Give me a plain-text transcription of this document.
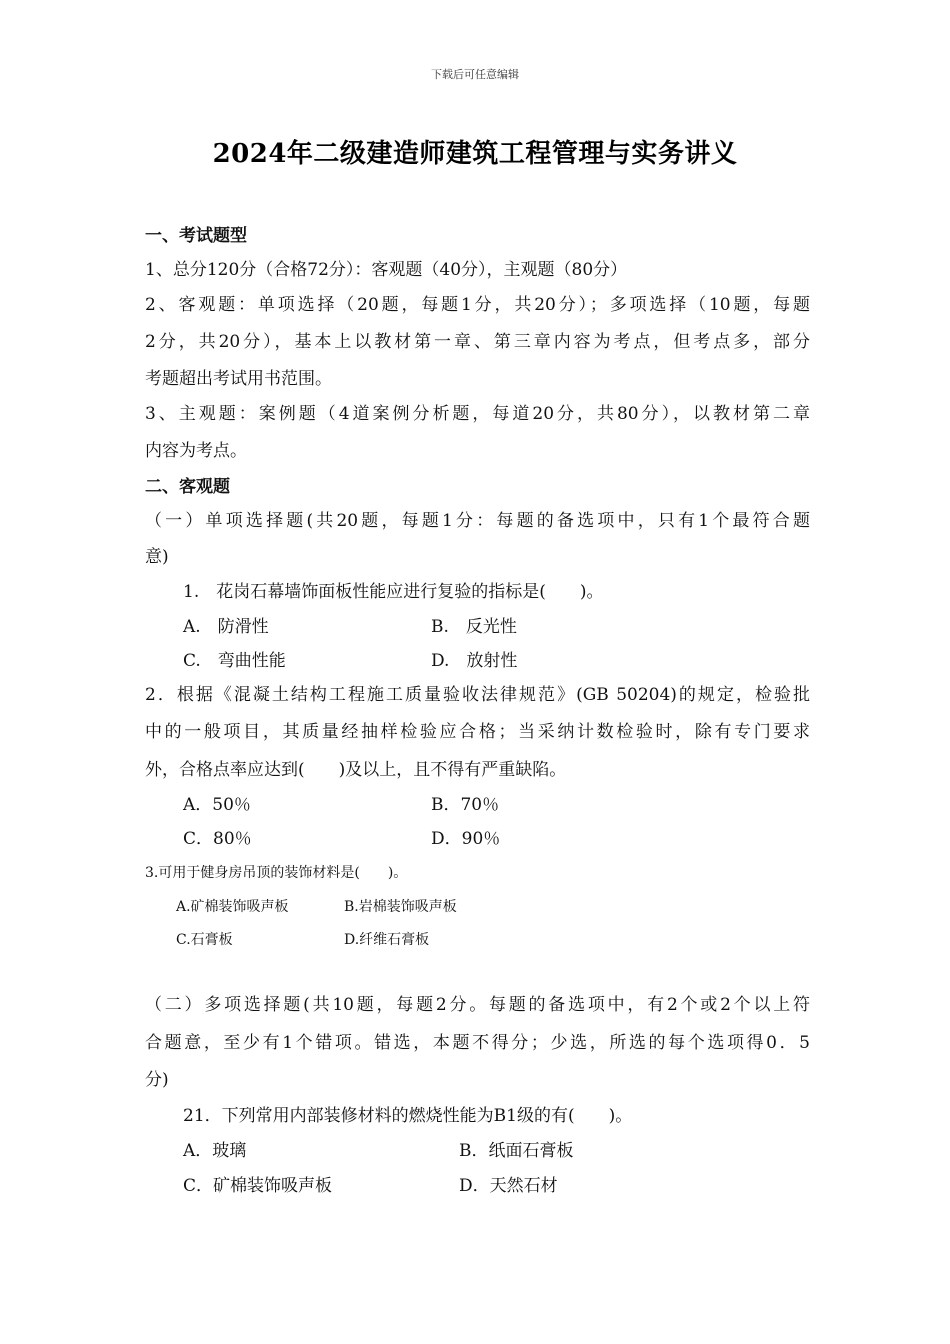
下载后可任意编辑
2024年二级建造师建筑工程管理与实务讲义
一、考试题型
1、总分120分（合格72分）：客观题（40分），主观题（80分）
2、客观题：单项选择（20题，每题1分，共20分）；多项选择（10题，每题
2分，共20分），基本上以教材第一章、第三章内容为考点，但考点多，部分
考题超出考试用书范围。
3、主观题：案例题（4道案例分析题，每道20分，共80分），以教材第二章
内容为考点。
二、客观题
（一）单项选择题(共20题，每题1分：每题的备选项中，只有1个最符合题
意)
1.　花岗石幕墙饰面板性能应进行复验的指标是(　　)。
A.　防滑性	B.　反光性
C.　弯曲性能	D.　放射性
2．根据《混凝土结构工程施工质量验收法律规范》(GB 50204)的规定，检验批
中的一般项目，其质量经抽样检验应合格；当采纳计数检验时，除有专门要求
外，合格点率应达到(　　)及以上，且不得有严重缺陷。
A．50％	B．70％
C．80％	D．90％
3.可用于健身房吊顶的装饰材料是(　　)。
A.矿棉装饰吸声板	B.岩棉装饰吸声板
C.石膏板	D.纤维石膏板
（二）多项选择题(共10题，每题2分。每题的备选项中，有2个或2个以上符
合题意，至少有1个错项。错选，本题不得分；少选，所选的每个选项得0．5
分)
21．下列常用内部装修材料的燃烧性能为B1级的有(　　)。
A．玻璃	B．纸面石膏板
C．矿棉装饰吸声板	D．天然石材
